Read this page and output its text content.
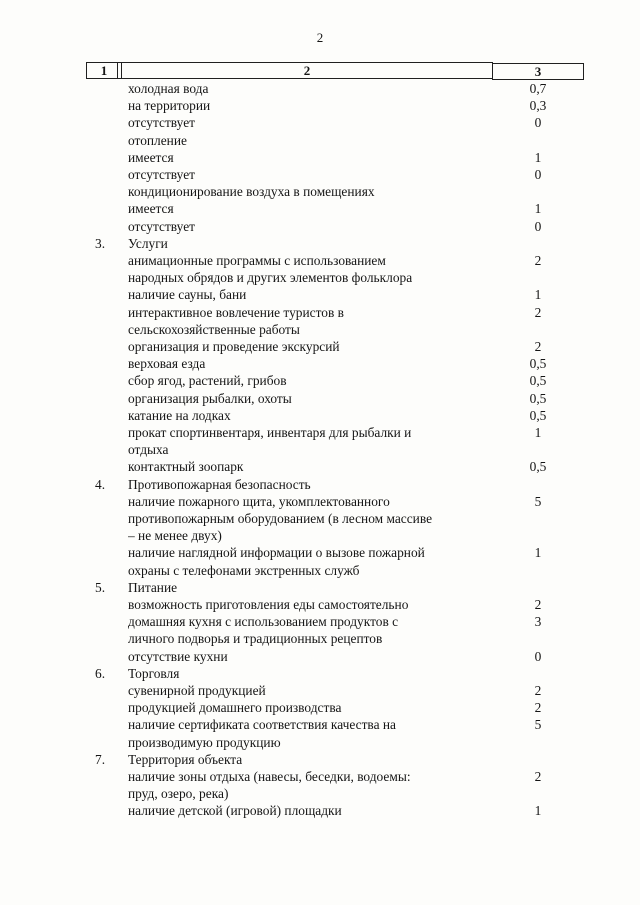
2
1	2	3
холодная вода	0,7
на территории	0,3
отсутствует	0
отопление
имеется	1
отсутствует	0
кондиционирование воздуха в помещениях
имеется	1
отсутствует	0
3.	Услуги
анимационные программы с использованием	2
народных обрядов и других элементов фольклора
наличие сауны, бани	1
интерактивное вовлечение туристов в	2
сельскохозяйственные работы
организация и проведение экскурсий	2
верховая езда	0,5
сбор ягод, растений, грибов	0,5
организация рыбалки, охоты	0,5
катание на лодках	0,5
прокат спортинвентаря, инвентаря для рыбалки и	1
отдыха
контактный зоопарк	0,5
4.	Противопожарная безопасность
наличие пожарного щита, укомплектованного	5
противопожарным оборудованием (в лесном массиве
– не менее двух)
наличие наглядной информации о вызове пожарной	1
охраны с телефонами экстренных служб
5.	Питание
возможность приготовления еды самостоятельно	2
домашняя кухня с использованием продуктов с	3
личного подворья и традиционных рецептов
отсутствие кухни	0
6.	Торговля
сувенирной продукцией	2
продукцией домашнего производства	2
наличие сертификата соответствия качества на	5
производимую продукцию
7.	Территория объекта
наличие зоны отдыха (навесы, беседки, водоемы:	2
пруд, озеро, река)
наличие детской (игровой) площадки	1
